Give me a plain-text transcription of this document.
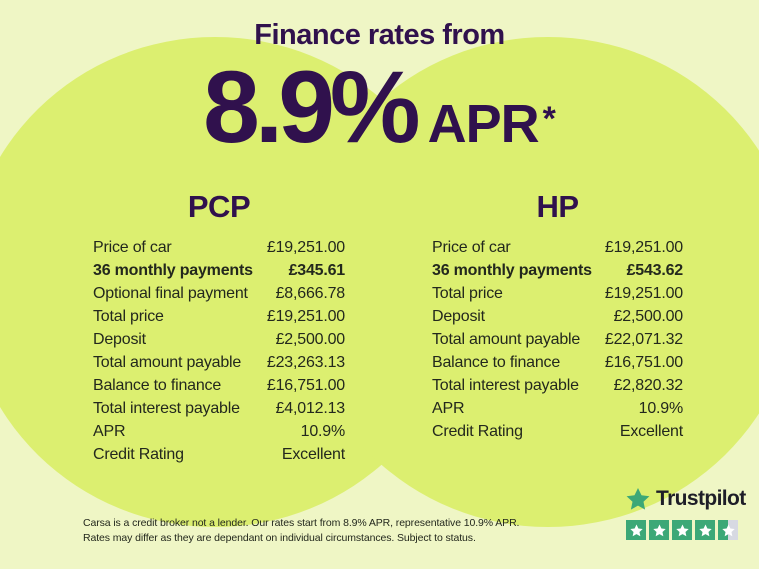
Finance rates from
8.9% APR *
PCP
Price of car	£19,251.00
36 monthly payments £345.61
Optional final payment £8,666.78
Total price	£19,251.00
Deposit	£2,500.00
Total amount payable £23,263.13
Balance to finance	£16,751.00
Total interest payable £4,012.13
APR	10.9%
Credit Rating	Excellent
HP
Price of car	£19,251.00
36 monthly payments £543.62
Total price	£19,251.00
Deposit	£2,500.00
Total amount payable £22,071.32
Balance to finance	£16,751.00
Total interest payable £2,820.32
APR	10.9%
Credit Rating	Excellent
Carsa is a credit broker not a lender. Our rates start from 8.9% APR, representative 10.9% APR.
Rates may differ as they are dependant on individual circumstances. Subject to status.
Trustpilot
